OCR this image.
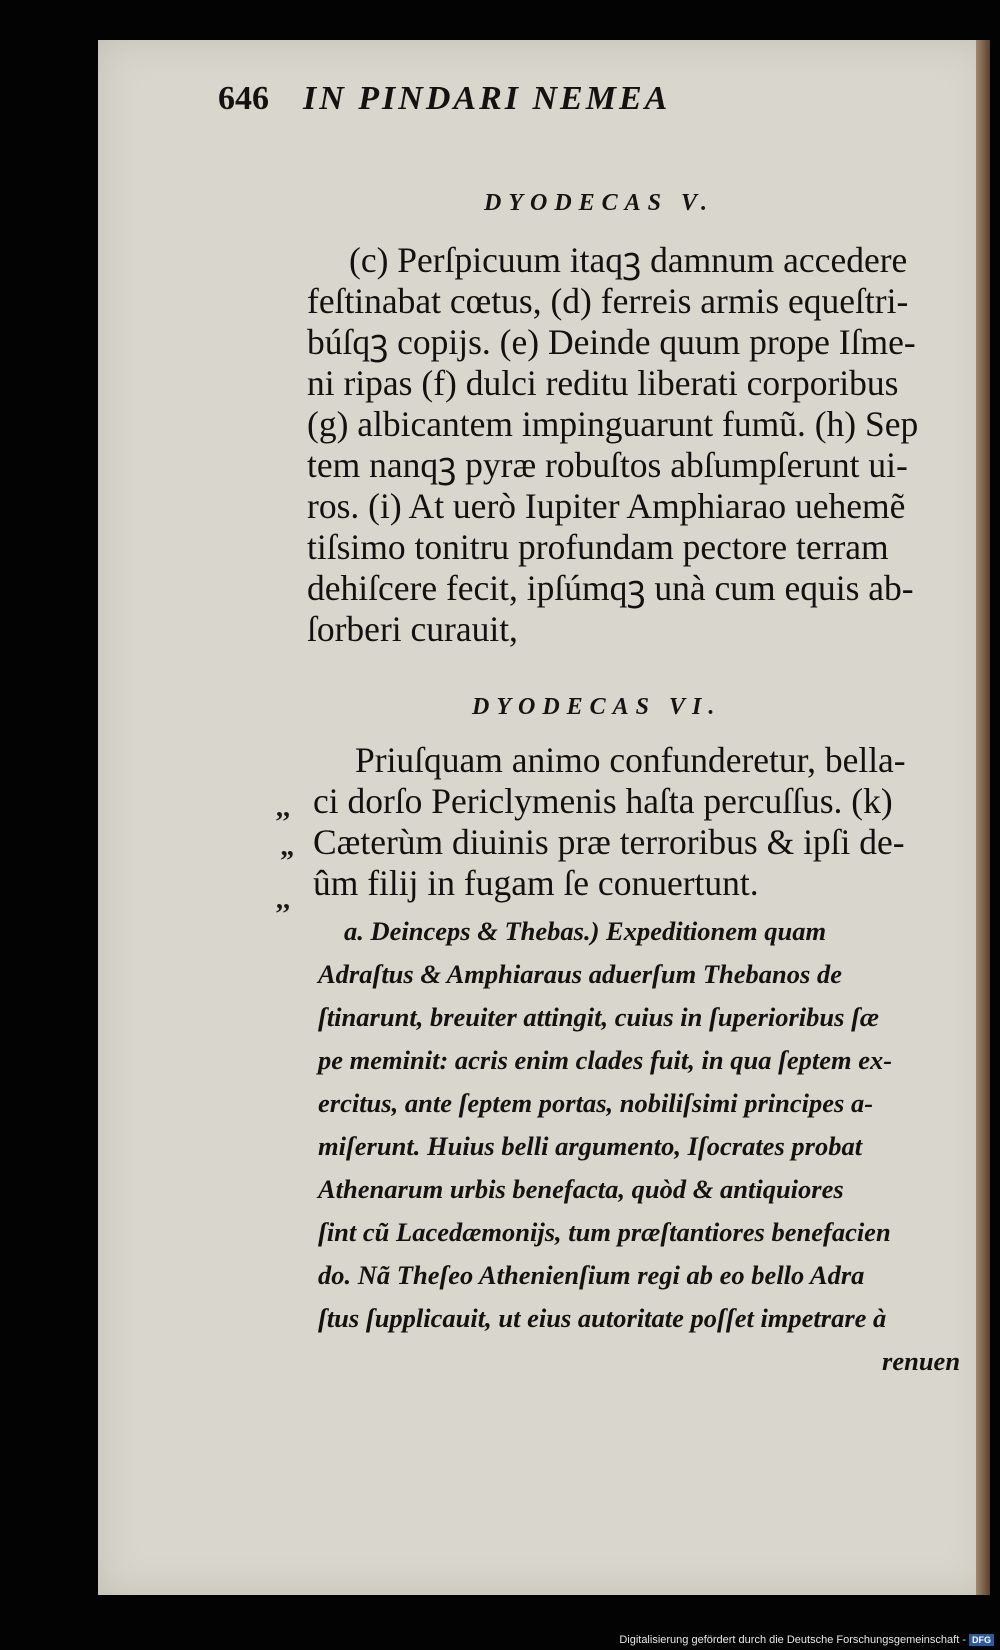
646 IN PINDARI NEMEA
DYODECAS V.
(c) Perſpicuum itaqꝫ damnum accedere
feſtinabat cœtus, (d) ferreis armis equeſtri-
búſqꝫ copijs. (e) Deinde quum prope Iſme-
ni ripas (f) dulci reditu liberati corporibus
(g) albicantem impinguarunt fumũ. (h) Sep
tem nanqꝫ pyræ robuſtos abſumpſerunt ui-
ros. (i) At uerò Iupiter Amphiarao uehemẽ
tiſsimo tonitru profundam pectore terram
dehiſcere fecit, ipſúmqꝫ unà cum equis ab-
ſorberi curauit,
DYODECAS VI.
Priuſquam animo confunderetur, bella-
ci dorſo Periclymenis haſta percuſſus. (k)
Cæterùm diuinis præ terroribus & ipſi de-
ûm filij in fugam ſe conuertunt.
,,
”
,,
a. Deinceps & Thebas.) Expeditionem quam
Adraſtus & Amphiaraus aduerſum Thebanos de
ſtinarunt, breuiter attingit, cuius in ſuperioribus ſæ
pe meminit: acris enim clades fuit, in qua ſeptem ex-
ercitus, ante ſeptem portas, nobiliſsimi principes a-
miſerunt. Huius belli argumento, Iſocrates probat
Athenarum urbis benefacta, quòd & antiquiores
ſint cũ Lacedæmonijs, tum præſtantiores benefacien
do. Nã Theſeo Athenienſium regi ab eo bello Adra
ſtus ſupplicauit, ut eius autoritate poſſet impetrare à
renuen
Digitalisierung gefördert durch die Deutsche Forschungsgemeinschaft - DFG
